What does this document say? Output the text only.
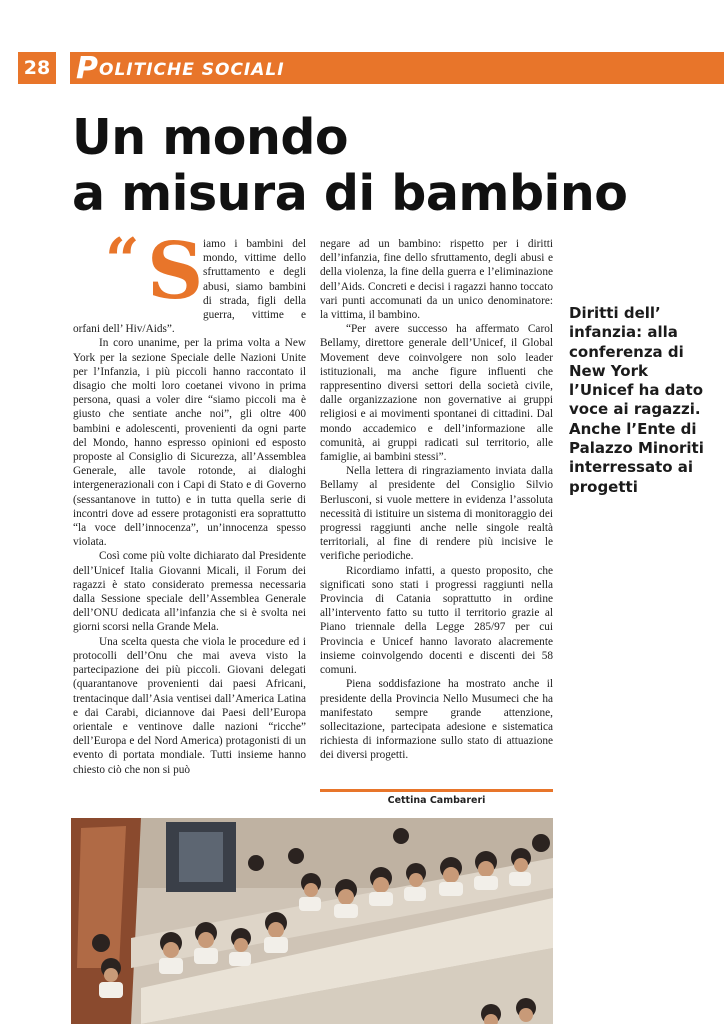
28 POLITICHE SOCIALI
Un mondo
a misura di bambino
“ S iamo i bambini del mondo, vittime dello sfruttamento e degli abusi, siamo bambini di strada, figli della guerra, vittime e orfani dell’ Hiv/Aids”.

In coro unanime, per la prima volta a New York per la sezione Speciale delle Nazioni Unite per l’Infanzia, i più piccoli hanno raccontato il disagio che molti loro coetanei vivono in prima persona, quasi a voler dire “siamo piccoli ma è giusto che sentiate anche noi”, gli oltre 400 bambini e adolescenti, provenienti da ogni parte del Mondo, hanno espresso opinioni ed esposto proposte al Consiglio di Sicurezza, all’Assemblea Generale, alle tavole rotonde, ai dialoghi intergenerazionali con i Capi di Stato e di Governo (sessantanove in tutto) e in tutta quella serie di incontri dove ad essere protagonisti era soprattutto “la voce dell’innocenza”, un’innocenza spesso violata.

Così come più volte dichiarato dal Presidente dell’Unicef Italia Giovanni Micali, il Forum dei ragazzi è stato considerato premessa necessaria dalla Sessione speciale dell’Assemblea Generale dell’ONU dedicata all’infanzia che si è svolta nei giorni scorsi nella Grande Mela.

Una scelta questa che viola le procedure ed i protocolli dell’Onu che mai aveva visto la partecipazione dei più piccoli. Giovani delegati (quarantanove provenienti dai paesi Africani, trentacinque dall’Asia ventisei dall’America Latina e dai Carabi, diciannove dai Paesi dell’Europa orientale e ventinove dalle nazioni “ricche” dell’Europa e del Nord America) protagonisti di un evento di portata mondiale. Tutti insieme hanno chiesto ciò che non si può

negare ad un bambino: rispetto per i diritti dell’infanzia, fine dello sfruttamento, degli abusi e della violenza, la fine della guerra e l’eliminazione dell’Aids. Concreti e decisi i ragazzi hanno toccato vari punti accomunati da un unico denominatore: la vittima, il bambino.

“Per avere successo ha affermato Carol Bellamy, direttore generale dell’Unicef, il Global Movement deve coinvolgere non solo leader istituzionali, ma anche figure influenti che rappresentino diversi settori della società civile, dalle organizzazione non governative ai gruppi religiosi e ai movimenti spontanei di cittadini. Dal mondo accademico e dell’informazione alle comunità, ai gruppi radicati sul territorio, alle famiglie, ai bambini stessi”.

Nella lettera di ringraziamento inviata dalla Bellamy al presidente del Consiglio Silvio Berlusconi, si vuole mettere in evidenza l’assoluta necessità di istituire un sistema di monitoraggio dei progressi raggiunti anche nelle singole realtà territoriali, al fine di rendere più incisive le verifiche periodiche.

Ricordiamo infatti, a questo proposito, che significati sono stati i progressi raggiunti nella Provincia di Catania soprattutto in ordine all’intervento fatto su tutto il territorio grazie al Piano triennale della Legge 285/97 per cui Provincia e Unicef hanno lavorato alacremente insieme coinvolgendo docenti e discenti dei 58 comuni.

Piena soddisfazione ha mostrato anche il presidente della Provincia Nello Musumeci che ha manifestato sempre grande attenzione, sollecitazione, partecipata adesione e sistematica richiesta di informazione sullo stato di attuazione dei diversi progetti.

Cettina Cambareri
Diritti dell’ infanzia: alla conferenza di New York l’Unicef ha dato voce ai ragazzi. Anche l’Ente di Palazzo Minoriti interressato ai progetti
